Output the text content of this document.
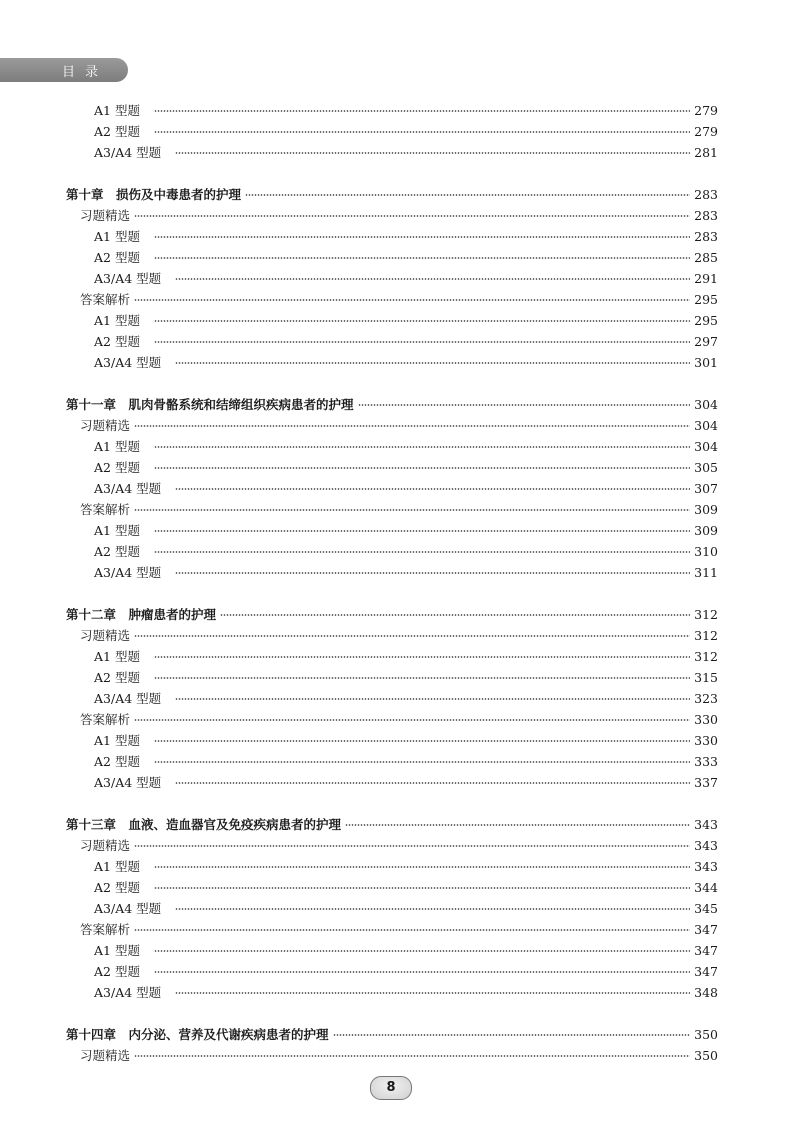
目录
A1 型题	279
A2 型题	279
A3/A4 型题	281
第十章　损伤及中毒患者的护理	283
习题精选	283
A1 型题	283
A2 型题	285
A3/A4 型题	291
答案解析	295
A1 型题	295
A2 型题	297
A3/A4 型题	301
第十一章　肌肉骨骼系统和结缔组织疾病患者的护理	304
习题精选	304
A1 型题	304
A2 型题	305
A3/A4 型题	307
答案解析	309
A1 型题	309
A2 型题	310
A3/A4 型题	311
第十二章　肿瘤患者的护理	312
习题精选	312
A1 型题	312
A2 型题	315
A3/A4 型题	323
答案解析	330
A1 型题	330
A2 型题	333
A3/A4 型题	337
第十三章　血液、造血器官及免疫疾病患者的护理	343
习题精选	343
A1 型题	343
A2 型题	344
A3/A4 型题	345
答案解析	347
A1 型题	347
A2 型题	347
A3/A4 型题	348
第十四章　内分泌、营养及代谢疾病患者的护理	350
习题精选	350
8
